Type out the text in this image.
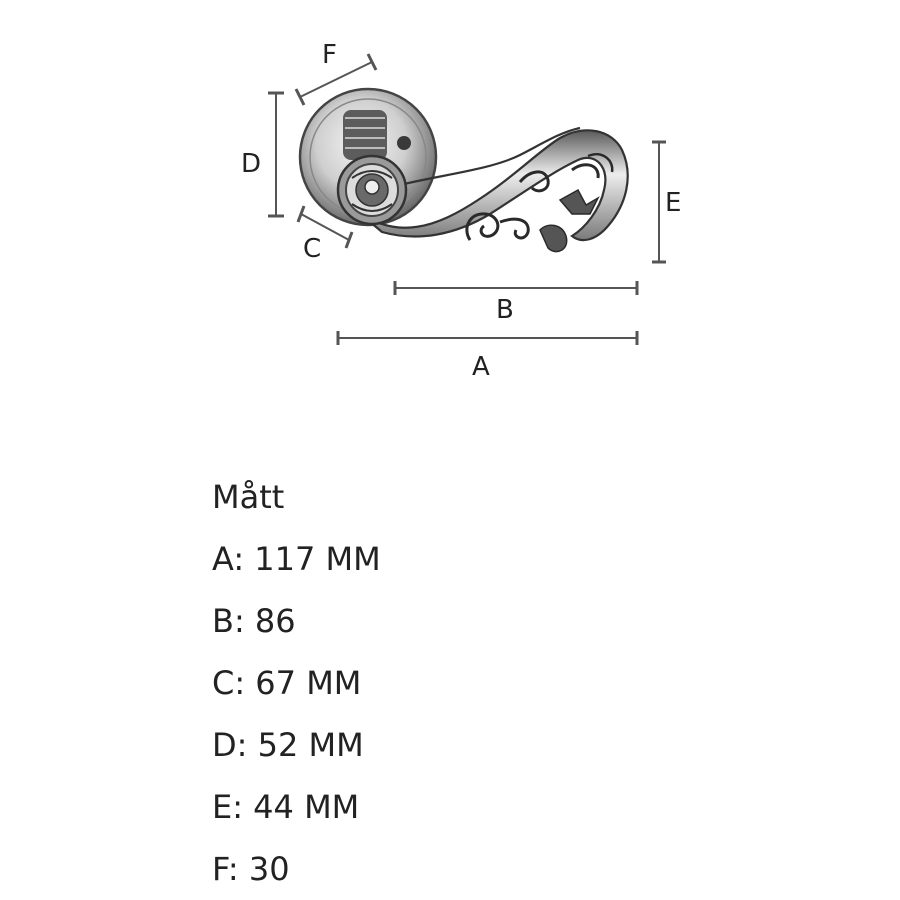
F
D
C
E
B
A
Mått
A: 117 MM
B: 86
C: 67 MM
D: 52 MM
E: 44 MM
F: 30
